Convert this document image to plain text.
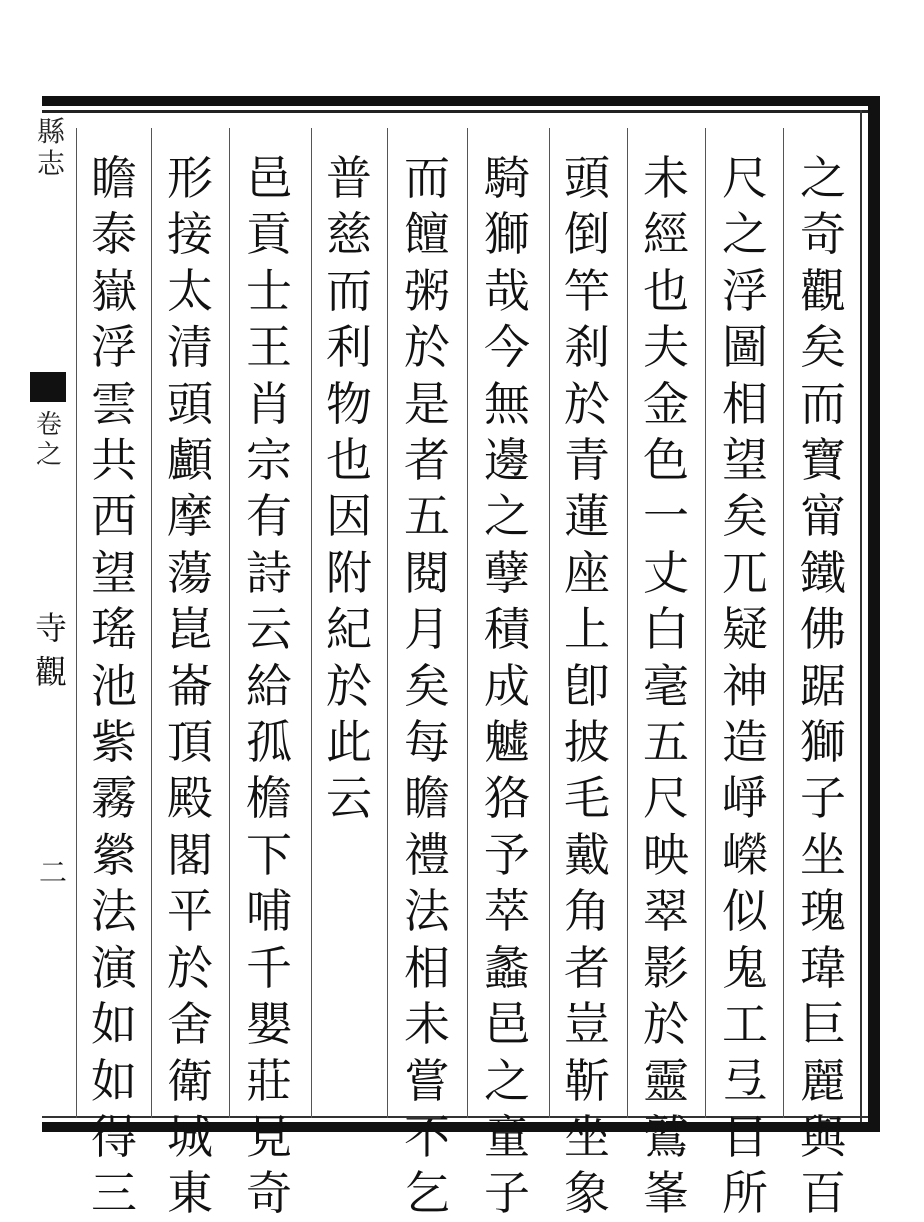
縣志
卷之
寺觀
二
之奇觀矣而寶甯鐵佛踞獅子坐瑰瑋巨麗與百
尺之浮圖相望矣兀疑神造崢嶸似鬼工弖目所
未經也夫金色一丈白毫五尺映翠影於靈鷲峯
頭倒竿刹於青蓮座上卽披毛戴角者豈靳坐象
騎獅哉今無邊之孽積成魖狢予萃蠡邑之童子
而饘粥於是者五閱月矣每瞻禮法相未嘗不乞
普慈而利物也因附紀於此云
邑貢士王肖宗有詩云給孤檐下哺千嬰莊見奇
形接太清頭顱摩蕩崑崙頂殿閣平於舍衛城東
瞻泰嶽浮雲共西望瑤池紫霧縈法演如如得三
